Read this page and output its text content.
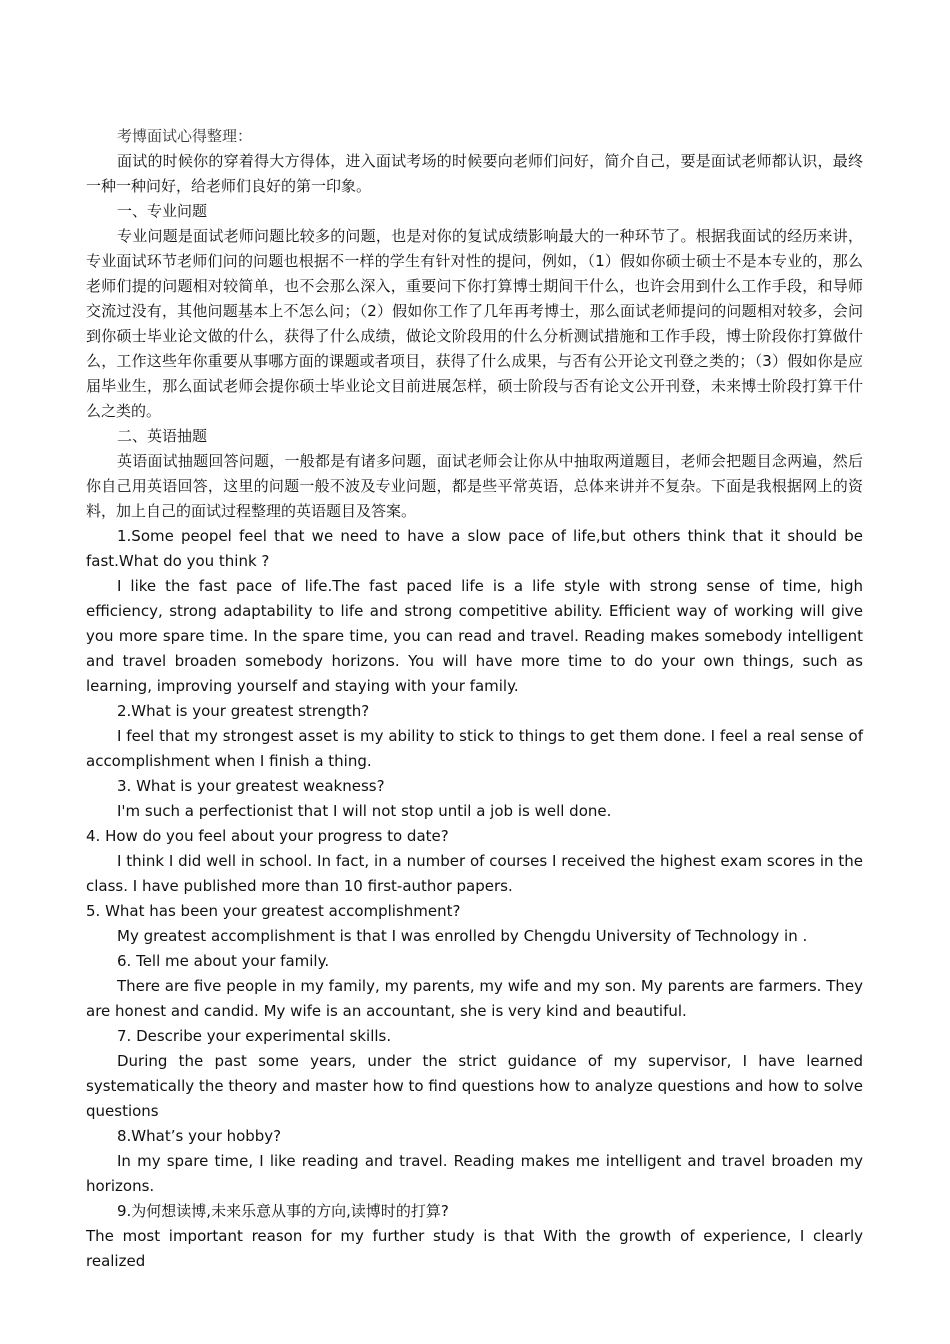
考博面试心得整理：

面试的时候你的穿着得大方得体，进入面试考场的时候要向老师们问好，简介自己，要是面试老师都认识，最终一种一种问好，给老师们良好的第一印象。

一、专业问题

专业问题是面试老师问题比较多的问题，也是对你的复试成绩影响最大的一种环节了。根据我面试的经历来讲，专业面试环节老师们问的问题也根据不一样的学生有针对性的提问，例如，（1）假如你硕士硕士不是本专业的，那么老师们提的问题相对较简单，也不会那么深入，重要问下你打算博士期间干什么，也许会用到什么工作手段，和导师交流过没有，其他问题基本上不怎么问；（2）假如你工作了几年再考博士，那么面试老师提问的问题相对较多，会问到你硕士毕业论文做的什么，获得了什么成绩，做论文阶段用的什么分析测试措施和工作手段，博士阶段你打算做什么，工作这些年你重要从事哪方面的课题或者项目，获得了什么成果，与否有公开论文刊登之类的；（3）假如你是应届毕业生，那么面试老师会提你硕士毕业论文目前进展怎样，硕士阶段与否有论文公开刊登，未来博士阶段打算干什么之类的。

二、英语抽题

英语面试抽题回答问题，一般都是有诸多问题，面试老师会让你从中抽取两道题目，老师会把题目念两遍，然后你自己用英语回答，这里的问题一般不波及专业问题，都是些平常英语，总体来讲并不复杂。下面是我根据网上的资料，加上自己的面试过程整理的英语题目及答案。

1.Some peopel feel that we need to have a slow pace of life,but others think that it should be fast.What do you think ?

I like the fast pace of life.The fast paced life is a life style with strong sense of time, high efficiency, strong adaptability to life and strong competitive ability. Efficient way of working will give you more spare time. In the spare time, you can read and travel. Reading makes somebody intelligent and travel broaden somebody horizons. You will have more time to do your own things, such as learning, improving yourself and staying with your family.

2.What is your greatest strength?

I feel that my strongest asset is my ability to stick to things to get them done. I feel a real sense of accomplishment when I finish a thing.

3. What is your greatest weakness?

I'm such a perfectionist that I will not stop until a job is well done.

4. How do you feel about your progress to date?

I think I did well in school. In fact, in a number of courses I received the highest exam scores in the class. I have published more than 10 first-author papers.

5. What has been your greatest accomplishment?

My greatest accomplishment is that I was enrolled by Chengdu University of Technology in .

6. Tell me about your family.

There are five people in my family, my parents, my wife and my son. My parents are farmers. They are honest and candid. My wife is an accountant, she is very kind and beautiful.

7. Describe your experimental skills.

During the past some years, under the strict guidance of my supervisor, I have learned systematically the theory and master how to find questions how to analyze questions and how to solve questions

8.What’s your hobby?

In my spare time, I like reading and travel. Reading makes me intelligent and travel broaden my horizons.

9.为何想读博,未来乐意从事的方向,读博时的打算?

The most important reason for my further study is that With the growth of experience, I clearly realized
